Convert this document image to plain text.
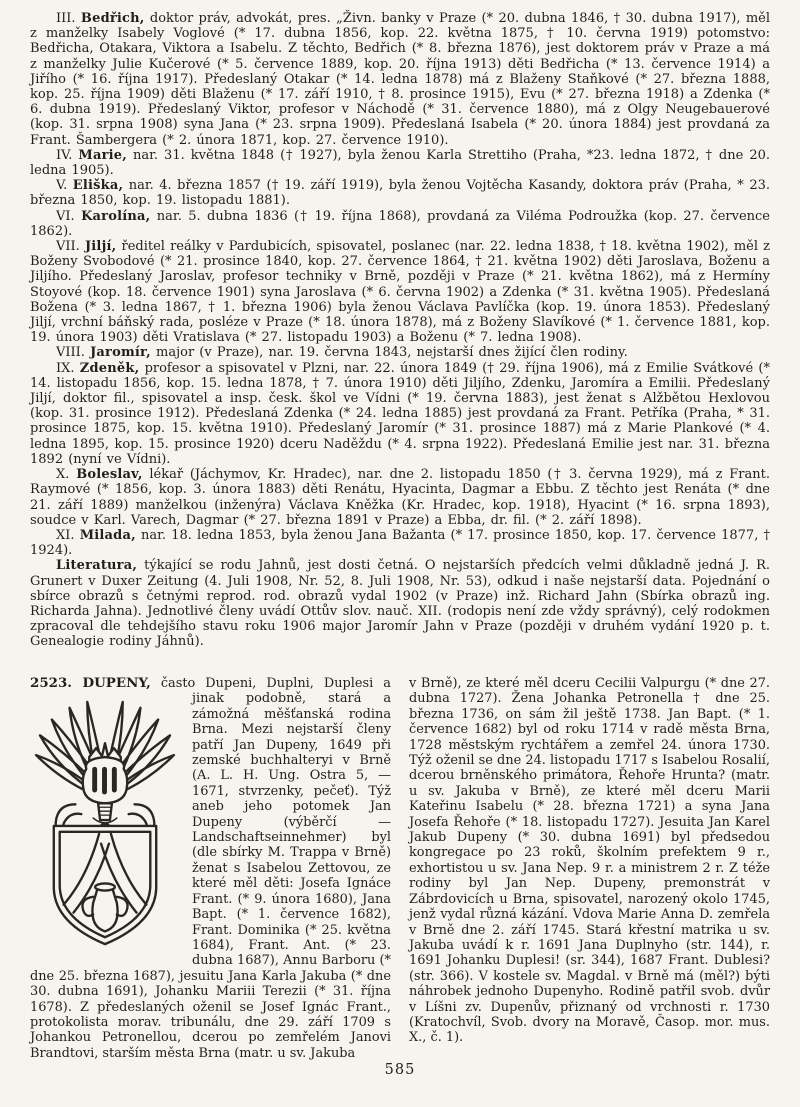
III. Bedřich, doktor práv, advokát, pres. „Živn. banky v Praze (* 20. dubna 1846, † 30. dubna 1917), měl z manželky Isabely Voglové (* 17. dubna 1856, kop. 22. května 1875, † 10. června 1919) potomstvo: Bedřicha, Otakara, Viktora a Isabelu. Z těchto, Bedřich (* 8. března 1876), jest doktorem práv v Praze a má z manželky Julie Kučerové (* 5. července 1889, kop. 20. října 1913) děti Bedřicha (* 13. července 1914) a Jiřího (* 16. října 1917). Předeslaný Otakar (* 14. ledna 1878) má z Blaženy Staňkové (* 27. března 1888, kop. 25. října 1909) děti Blaženu (* 17. září 1910, † 8. prosince 1915), Evu (* 27. března 1918) a Zdenka (* 6. dubna 1919). Předeslaný Viktor, profesor v Náchodě (* 31. července 1880), má z Olgy Neugebauerové (kop. 31. srpna 1908) syna Jana (* 23. srpna 1909). Předeslaná Isabela (* 20. února 1884) jest provdaná za Frant. Šambergera (* 2. února 1871, kop. 27. července 1910).

IV. Marie, nar. 31. května 1848 († 1927), byla ženou Karla Strettiho (Praha, *23. ledna 1872, † dne 20. ledna 1905).

V. Eliška, nar. 4. března 1857 († 19. září 1919), byla ženou Vojtěcha Kasandy, doktora práv (Praha, * 23. března 1850, kop. 19. listopadu 1881).

VI. Karolína, nar. 5. dubna 1836 († 19. října 1868), provdaná za Viléma Podroužka (kop. 27. července 1862).

VII. Jiljí, ředitel reálky v Pardubicích, spisovatel, poslanec (nar. 22. ledna 1838, † 18. května 1902), měl z Boženy Svobodové (* 21. prosince 1840, kop. 27. července 1864, † 21. května 1902) děti Jaroslava, Boženu a Jiljího. Předeslaný Jaroslav, profesor techniky v Brně, později v Praze (* 21. května 1862), má z Hermíny Stoyové (kop. 18. července 1901) syna Jaroslava (* 6. června 1902) a Zdenka (* 31. května 1905). Předeslaná Božena (* 3. ledna 1867, † 1. března 1906) byla ženou Václava Pavlíčka (kop. 19. února 1853). Předeslaný Jiljí, vrchní báňský rada, posléze v Praze (* 18. února 1878), má z Boženy Slavíkové (* 1. července 1881, kop. 19. února 1903) děti Vratislava (* 27. listopadu 1903) a Boženu (* 7. ledna 1908).

VIII. Jaromír, major (v Praze), nar. 19. června 1843, nejstarší dnes žijící člen rodiny.

IX. Zdeněk, profesor a spisovatel v Plzni, nar. 22. února 1849 († 29. října 1906), má z Emilie Svátkové (* 14. listopadu 1856, kop. 15. ledna 1878, † 7. února 1910) děti Jiljího, Zdenku, Jaromíra a Emilii. Předeslaný Jiljí, doktor fil., spisovatel a insp. česk. škol ve Vídni (* 19. června 1883), jest ženat s Alžbětou Hexlovou (kop. 31. prosince 1912). Předeslaná Zdenka (* 24. ledna 1885) jest provdaná za Frant. Petříka (Praha, * 31. prosince 1875, kop. 15. května 1910). Předeslaný Jaromír (* 31. prosince 1887) má z Marie Plankové (* 4. ledna 1895, kop. 15. prosince 1920) dceru Naděždu (* 4. srpna 1922). Předeslaná Emilie jest nar. 31. března 1892 (nyní ve Vídni).

X. Boleslav, lékař (Jáchymov, Kr. Hradec), nar. dne 2. listopadu 1850 († 3. června 1929), má z Frant. Raymové (* 1856, kop. 3. února 1883) děti Renátu, Hyacinta, Dagmar a Ebbu. Z těchto jest Renáta (* dne 21. září 1889) manželkou (inženýra) Václava Kněžka (Kr. Hradec, kop. 1918), Hyacint (* 16. srpna 1893), soudce v Karl. Varech, Dagmar (* 27. března 1891 v Praze) a Ebba, dr. fil. (* 2. září 1898).

XI. Milada, nar. 18. ledna 1853, byla ženou Jana Bažanta (* 17. prosince 1850, kop. 17. července 1877, † 1924).

Literatura, týkající se rodu Jahnů, jest dosti četná. O nejstarších předcích velmi důkladně jedná J. R. Grunert v Duxer Zeitung (4. Juli 1908, Nr. 52, 8. Juli 1908, Nr. 53), odkud i naše nejstarší data. Pojednání o sbírce obrazů s četnými reprod. rod. obrazů vydal 1902 (v Praze) inž. Richard Jahn (Sbírka obrazů ing. Richarda Jahna). Jednotlivé členy uvádí Ottův slov. nauč. XII. (rodopis není zde vždy správný), celý rodokmen zpracoval dle tehdejšího stavu roku 1906 major Jaromír Jahn v Praze (později v druhém vydání 1920 p. t. Genealogie rodiny Jáhnů).

2523. DUPENY, často Dupeni, Duplni, Duplesi a

jinak podobně, stará a zámožná měšťanská rodina Brna. Mezi nejstarší členy patří Jan Dupeny, 1649 při zemské buchhalteryi v Brně (A. L. H. Ung. Ostra 5, —1671, stvrzenky, pečeť). Týž aneb jeho potomek Jan Dupeny (výběrčí — Landschaftseinnehmer) byl (dle sbírky M. Trappa v Brně) ženat s Isabelou Zettovou, ze které měl děti: Josefa Ignáce Frant. (* 9. února 1680), Jana Bapt. (* 1. července 1682), Frant. Dominika (* 25. května 1684), Frant. Ant. (* 23. dubna 1687), Annu Barboru (* dne 25. března 1687), jesuitu Jana Karla Jakuba (* dne 30. dubna 1691), Johanku Mariii Terezii (* 31. října 1678). Z předeslaných oženil se Josef Ignác Frant., protokolista morav. tribunálu, dne 29. září 1709 s Johankou Petronellou, dcerou po zemřelém Janovi Brandtovi, starším města Brna (matr. u sv. Jakuba

v Brně), ze které měl dceru Cecilii Valpurgu (* dne 27. dubna 1727). Žena Johanka Petronella † dne 25. března 1736, on sám žil ještě 1738. Jan Bapt. (* 1. července 1682) byl od roku 1714 v radě města Brna, 1728 městským rychtářem a zemřel 24. února 1730. Týž oženil se dne 24. listopadu 1717 s Isabelou Rosalií, dcerou brněnského primátora, Řehoře Hrunta? (matr. u sv. Jakuba v Brně), ze které měl dceru Marii Kateřinu Isabelu (* 28. března 1721) a syna Jana Josefa Řehoře (* 18. listopadu 1727). Jesuita Jan Karel Jakub Dupeny (* 30. dubna 1691) byl předsedou kongregace po 23 roků, školním prefektem 9 r., exhortistou u sv. Jana Nep. 9 r. a ministrem 2 r. Z téže rodiny byl Jan Nep. Dupeny, premonstrát v Zábrdovicích u Brna, spisovatel, narozený okolo 1745, jenž vydal různá kázání. Vdova Marie Anna D. zemřela v Brně dne 2. září 1745. Stará křestní matrika u sv. Jakuba uvádí k r. 1691 Jana Duplnyho (str. 144), r. 1691 Johanku Duplesi! (sr. 344), 1687 Frant. Dublesi? (str. 366). V kostele sv. Magdal. v Brně má (měl?) býti náhrobek jednoho Dupenyho. Rodině patřil svob. dvůr v Líšni zv. Dupenův, přiznaný od vrchnosti r. 1730 (Kratochvíl, Svob. dvory na Moravě, Časop. mor. mus. X., č. 1).

585
